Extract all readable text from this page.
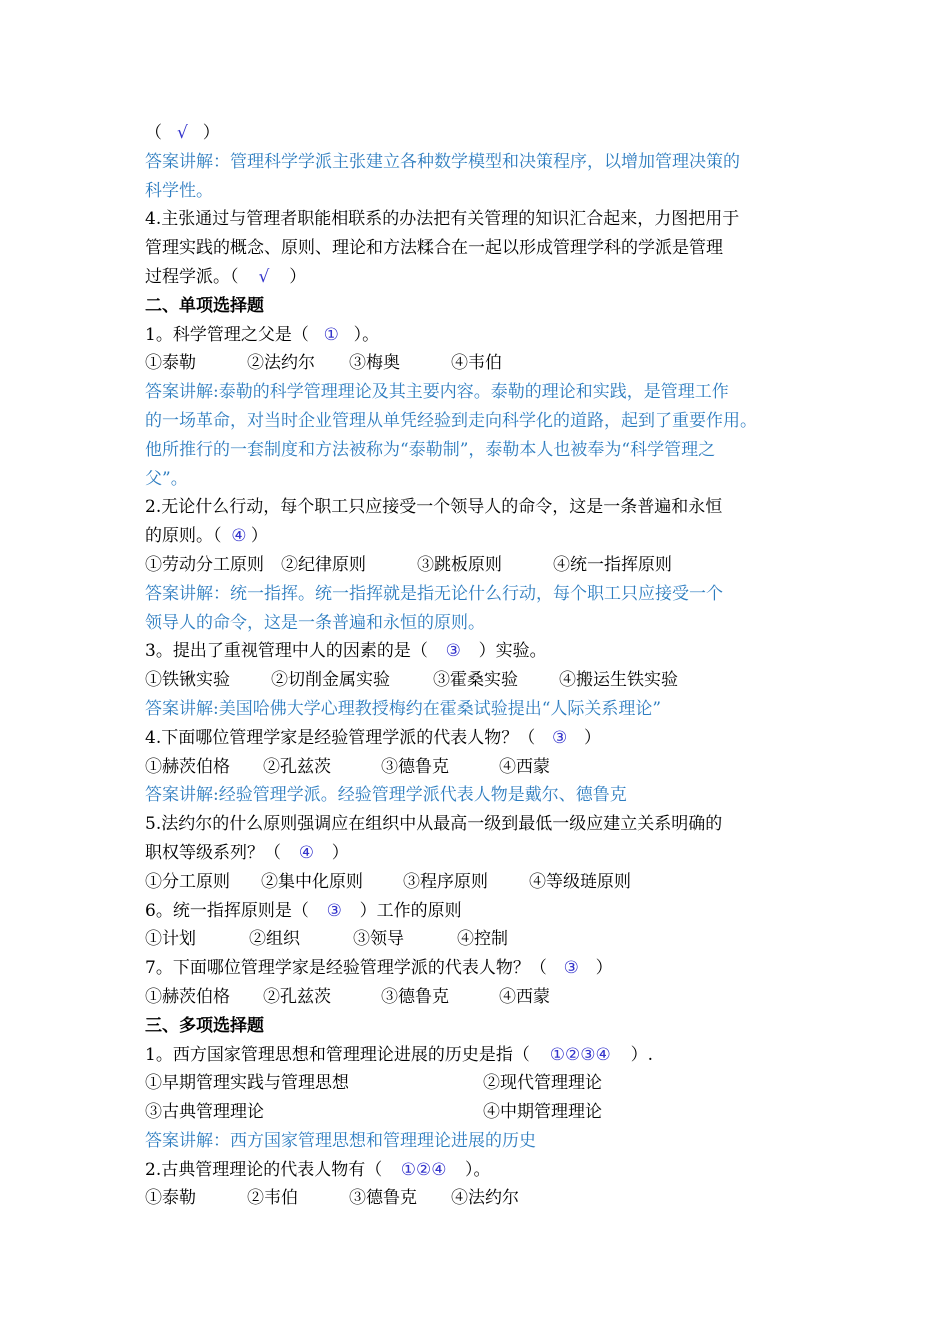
（ √ ）
答案讲解：管理科学学派主张建立各种数学模型和决策程序，以增加管理决策的
科学性。
4.主张通过与管理者职能相联系的办法把有关管理的知识汇合起来，力图把用于
管理实践的概念、原则、理论和方法糅合在一起以形成管理学科的学派是管理
过程学派。（ √ ）
二、单项选择题
1。科学管理之父是（ ① ）。
①泰勒	②法约尔 ③梅奥	④韦伯
答案讲解:泰勒的科学管理理论及其主要内容。泰勒的理论和实践，是管理工作
的一场革命，对当时企业管理从单凭经验到走向科学化的道路，起到了重要作用。
他所推行的一套制度和方法被称为“泰勒制”，泰勒本人也被奉为“科学管理之
父”。
2.无论什么行动，每个职工只应接受一个领导人的命令，这是一条普遍和永恒
的原则。（ ④ ）
①劳动分工原则 ②纪律原则	③跳板原则	④统一指挥原则
答案讲解：统一指挥。统一指挥就是指无论什么行动，每个职工只应接受一个
领导人的命令，这是一条普遍和永恒的原则。
3。提出了重视管理中人的因素的是（ ③ ）实验。
①铁锹实验 ②切削金属实验	③霍桑实验 ④搬运生铁实验
答案讲解:美国哈佛大学心理教授梅约在霍桑试验提出“人际关系理论”
4.下面哪位管理学家是经验管理学派的代表人物？（ ③ ）
①赫茨伯格 ②孔兹茨	③德鲁克	④西蒙
答案讲解:经验管理学派。经验管理学派代表人物是戴尔、德鲁克
5.法约尔的什么原则强调应在组织中从最高一级到最低一级应建立关系明确的
职权等级系列？（ ④ ）
①分工原则 ②集中化原则 ③程序原则 ④等级琏原则
6。统一指挥原则是（ ③ ）工作的原则
①计划	②组织	③领导	④控制
7。下面哪位管理学家是经验管理学派的代表人物？（ ③ ）
①赫茨伯格 ②孔兹茨	③德鲁克	④西蒙
三、多项选择题
1。西方国家管理思想和管理理论进展的历史是指（ ①②③④ ）.
①早期管理实践与管理思想	②现代管理理论
③古典管理理论	④中期管理理论
答案讲解：西方国家管理思想和管理理论进展的历史
2.古典管理理论的代表人物有（ ①②④ ）。
①泰勒	②韦伯	③德鲁克 ④法约尔
